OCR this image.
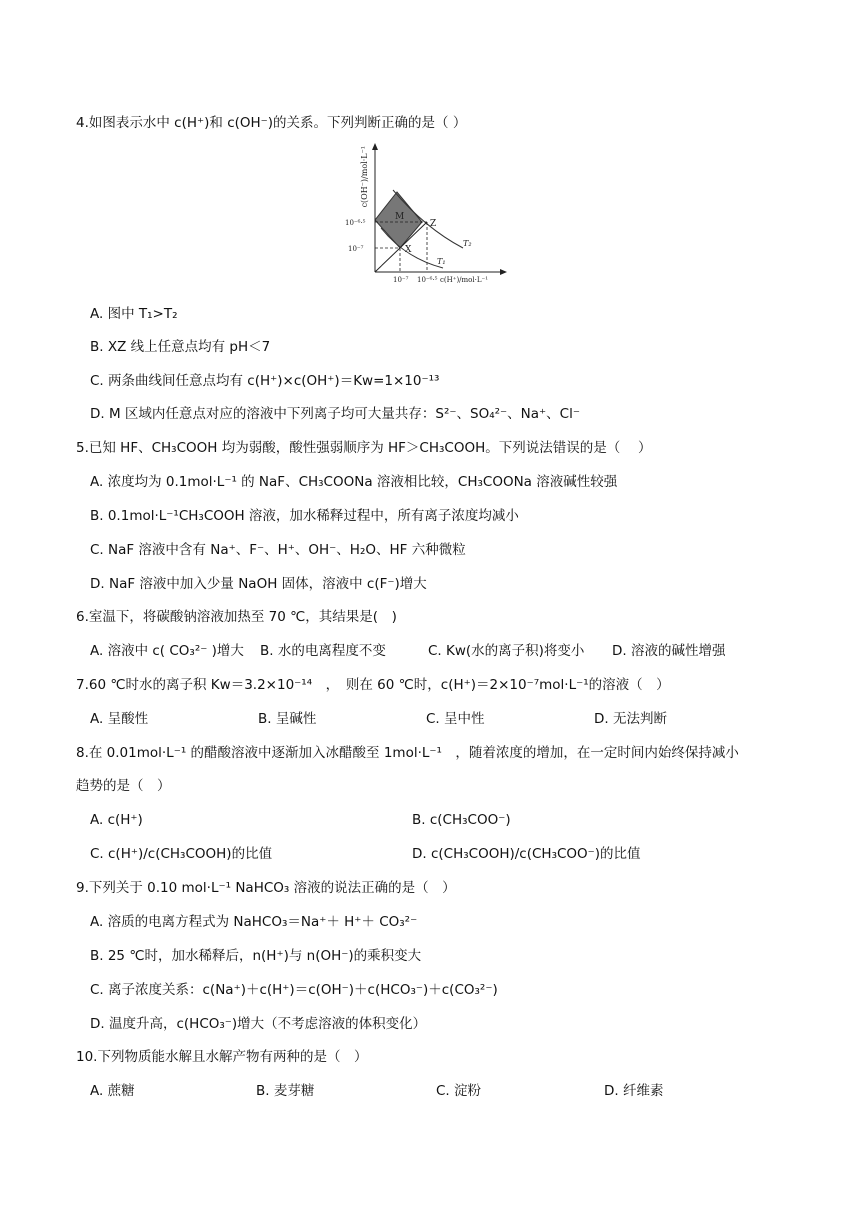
4.如图表示水中 c(H⁺)和 c(OH⁻)的关系。下列判断正确的是（ ）
c(OH⁻)/mol·L⁻¹
10⁻⁶·⁵
10⁻⁷
10⁻⁷ 10⁻⁶·⁵ c(H⁺)/mol·L⁻¹
M
Z
X
T₂
T₁
A. 图中 T₁>T₂
B. XZ 线上任意点均有 pH＜7
C. 两条曲线间任意点均有 c(H⁺)×c(OH⁺)＝Kw=1×10⁻¹³
D. M 区域内任意点对应的溶液中下列离子均可大量共存：S²⁻、SO₄²⁻、Na⁺、Cl⁻
5.已知 HF、CH₃COOH 均为弱酸，酸性强弱顺序为 HF＞CH₃COOH。下列说法错误的是（　 ）
A. 浓度均为 0.1mol·L⁻¹ 的 NaF、CH₃COONa 溶液相比较，CH₃COONa 溶液碱性较强
B. 0.1mol·L⁻¹CH₃COOH 溶液，加水稀释过程中，所有离子浓度均减小
C. NaF 溶液中含有 Na⁺、F⁻、H⁺、OH⁻、H₂O、HF 六种微粒
D. NaF 溶液中加入少量 NaOH 固体，溶液中 c(F⁻)增大
6.室温下，将碳酸钠溶液加热至 70 ℃，其结果是(　)
A. 溶液中 c( CO₃²⁻ )增大 B. 水的电离程度不变	C. Kw(水的离子积)将变小 D. 溶液的碱性增强
7.60 ℃时水的离子积 Kw＝3.2×10⁻¹⁴　，　则在 60 ℃时，c(H⁺)＝2×10⁻⁷mol·L⁻¹的溶液（　）
A. 呈酸性	B. 呈碱性	C. 呈中性	D. 无法判断
8.在 0.01mol·L⁻¹ 的醋酸溶液中逐渐加入冰醋酸至 1mol·L⁻¹　，随着浓度的增加，在一定时间内始终保持减小
趋势的是（　）
A. c(H⁺)	B. c(CH₃COO⁻)
C. c(H⁺)/c(CH₃COOH)的比值	D. c(CH₃COOH)/c(CH₃COO⁻)的比值
9.下列关于 0.10 mol·L⁻¹ NaHCO₃ 溶液的说法正确的是（　）
A. 溶质的电离方程式为 NaHCO₃＝Na⁺＋ H⁺＋ CO₃²⁻
B. 25 ℃时，加水稀释后，n(H⁺)与 n(OH⁻)的乘积变大
C. 离子浓度关系：c(Na⁺)＋c(H⁺)＝c(OH⁻)＋c(HCO₃⁻)＋c(CO₃²⁻)
D. 温度升高，c(HCO₃⁻)增大（不考虑溶液的体积变化）
10.下列物质能水解且水解产物有两种的是（　）
A. 蔗糖	B. 麦芽糖	C. 淀粉	D. 纤维素
